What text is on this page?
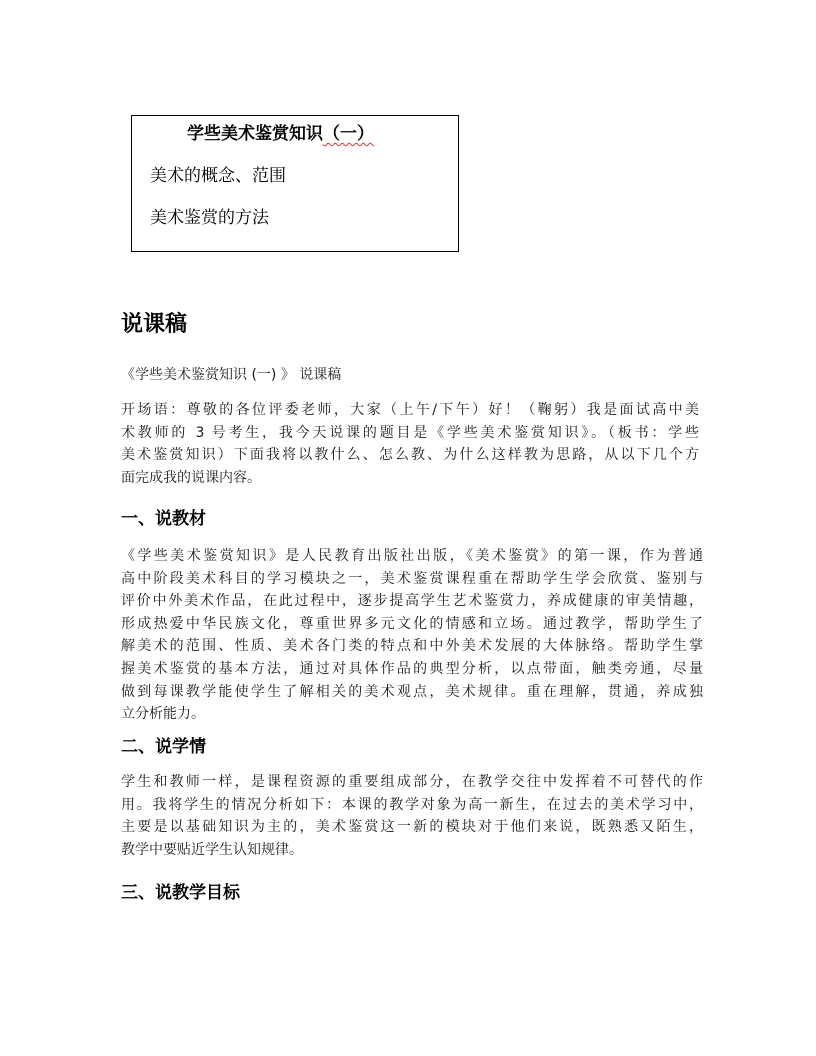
学些美术鉴赏知识（一）
美术的概念、范围
美术鉴赏的方法
说课稿
《学些美术鉴赏知识 (一) 》 说课稿
开场语：尊敬的各位评委老师，大家（上午/下午）好！（鞠躬）我是面试高中美
术教师的 3 号考生，我今天说课的题目是《学些美术鉴赏知识》。（板书：学些
美术鉴赏知识）下面我将以教什么、怎么教、为什么这样教为思路，从以下几个方
面完成我的说课内容。
一、说教材
《学些美术鉴赏知识》是人民教育出版社出版，《美术鉴赏》的第一课，作为普通
高中阶段美术科目的学习模块之一，美术鉴赏课程重在帮助学生学会欣赏、鉴别与
评价中外美术作品，在此过程中，逐步提高学生艺术鉴赏力，养成健康的审美情趣，
形成热爱中华民族文化，尊重世界多元文化的情感和立场。通过教学，帮助学生了
解美术的范围、性质、美术各门类的特点和中外美术发展的大体脉络。帮助学生掌
握美术鉴赏的基本方法，通过对具体作品的典型分析，以点带面，触类旁通，尽量
做到每课教学能使学生了解相关的美术观点，美术规律。重在理解，贯通，养成独
立分析能力。
二、说学情
学生和教师一样，是课程资源的重要组成部分，在教学交往中发挥着不可替代的作
用。我将学生的情况分析如下：本课的教学对象为高一新生，在过去的美术学习中，
主要是以基础知识为主的，美术鉴赏这一新的模块对于他们来说，既熟悉又陌生，
教学中要贴近学生认知规律。
三、说教学目标
